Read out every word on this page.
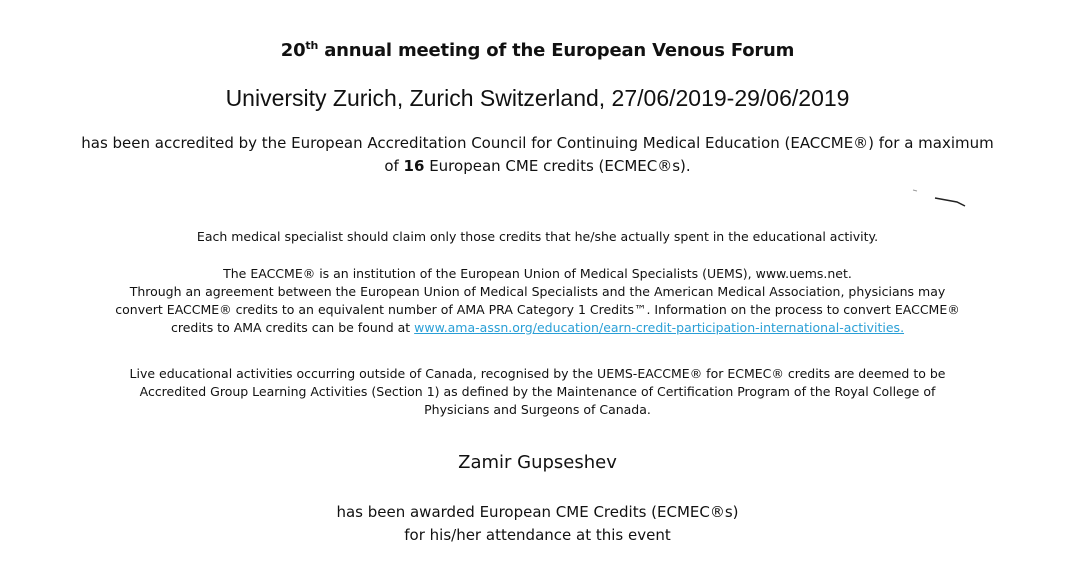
20th annual meeting of the European Venous Forum
University Zurich, Zurich Switzerland, 27/06/2019-29/06/2019
has been accredited by the European Accreditation Council for Continuing Medical Education (EACCME®) for a maximum
of 16 European CME credits (ECMEC®s).
Each medical specialist should claim only those credits that he/she actually spent in the educational activity.
The EACCME® is an institution of the European Union of Medical Specialists (UEMS), www.uems.net.
Through an agreement between the European Union of Medical Specialists and the American Medical Association, physicians may
convert EACCME® credits to an equivalent number of AMA PRA Category 1 Credits™. Information on the process to convert EACCME®
credits to AMA credits can be found at www.ama-assn.org/education/earn-credit-participation-international-activities.
Live educational activities occurring outside of Canada, recognised by the UEMS-EACCME® for ECMEC® credits are deemed to be
Accredited Group Learning Activities (Section 1) as defined by the Maintenance of Certification Program of the Royal College of
Physicians and Surgeons of Canada.
Zamir Gupseshev
has been awarded European CME Credits (ECMEC®s)
for his/her attendance at this event
